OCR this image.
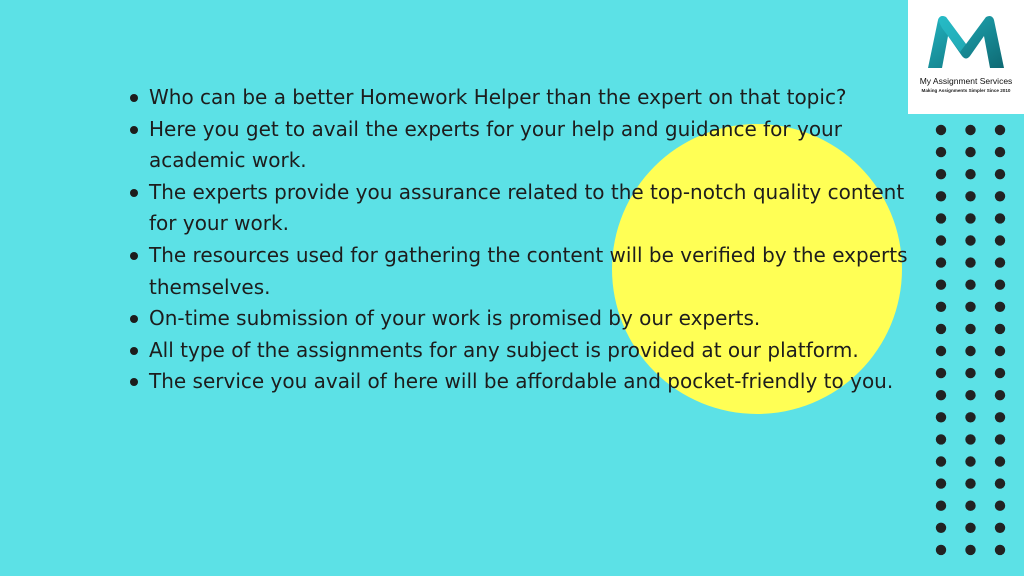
My Assignment Services
Making Assignments Simpler Since 2010
Who can be a better Homework Helper than the expert on that topic?
Here you get to avail the experts for your help and guidance for your academic work.
The experts provide you assurance related to the top-notch quality content for your work.
The resources used for gathering the content will be verified by the experts themselves.
On-time submission of your work is promised by our experts.
All type of the assignments for any subject is provided at our platform.
The service you avail of here will be affordable and pocket-friendly to you.
